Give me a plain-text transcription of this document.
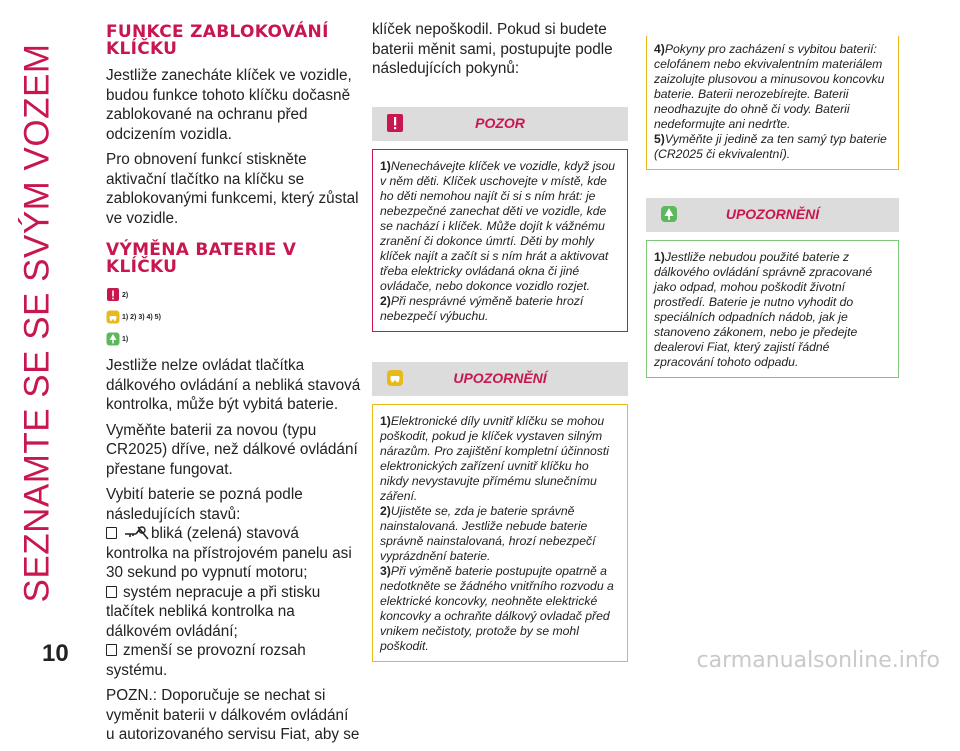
SEZNAMTE SE SE SVÝM VOZEM
FUNKCE ZABLOKOVÁNÍ KLÍČKU

Jestliže zanecháte klíček ve vozidle, budou funkce tohoto klíčku dočasně zablokované na ochranu před odcizením vozidla.

Pro obnovení funkcí stiskněte aktivační tlačítko na klíčku se zablokovanými funkcemi, který zůstal ve vozidle.

VÝMĚNA BATERIE V KLÍČKU
2)
1) 2) 3) 4) 5)
1)

Jestliže nelze ovládat tlačítka dálkového ovládání a nebliká stavová kontrolka, může být vybitá baterie.

Vyměňte baterii za novou (typu CR2025) dříve, než dálkové ovládání přestane fungovat.

Vybití baterie se pozná podle následujících stavů:

bliká (zelená) stavová kontrolka na přístrojovém panelu asi 30 sekund po vypnutí motoru;

systém nepracuje a při stisku tlačítek nebliká kontrolka na dálkovém ovládání;

zmenší se provozní rozsah systému.

POZN.: Doporučuje se nechat si vyměnit baterii v dálkovém ovládání u autorizovaného servisu Fiat, aby se

klíček nepoškodil. Pokud si budete baterii měnit sami, postupujte podle následujících pokynů:

POZOR

1)Nenechávejte klíček ve vozidle, když jsou v něm děti. Klíček uschovejte v místě, kde ho děti nemohou najít či si s ním hrát: je nebezpečné zanechat děti ve vozidle, kde se nachází i klíček. Může dojít k vážnému zranění či dokonce úmrtí. Děti by mohly klíček najít a začít si s ním hrát a aktivovat třeba elektricky ovládaná okna či jiné ovládače, nebo dokonce vozidlo rozjet.

2)Při nesprávné výměně baterie hrozí nebezpečí výbuchu.

UPOZORNĚNÍ

1)Elektronické díly uvnitř klíčku se mohou poškodit, pokud je klíček vystaven silným nárazům. Pro zajištění kompletní účinnosti elektronických zařízení uvnitř klíčku ho nikdy nevystavujte přímému slunečnímu záření.

2)Ujistěte se, zda je baterie správně nainstalovaná. Jestliže nebude baterie správně nainstalovaná, hrozí nebezpečí vyprázdnění baterie.

3)Při výměně baterie postupujte opatrně a nedotkněte se žádného vnitřního rozvodu a elektrické koncovky, neohněte elektrické koncovky a ochraňte dálkový ovladač před vnikem nečistoty, protože by se mohl poškodit.

4)Pokyny pro zacházení s vybitou baterií: celofánem nebo ekvivalentním materiálem zaizolujte plusovou a minusovou koncovku baterie. Baterii nerozebírejte. Baterii neodhazujte do ohně či vody. Baterii nedeformujte ani nedrťte.

5)Vyměňte ji jedině za ten samý typ baterie (CR2025 či ekvivalentní).

UPOZORNĚNÍ

1)Jestliže nebudou použité baterie z dálkového ovládání správně zpracované jako odpad, mohou poškodit životní prostředí. Baterie je nutno vyhodit do speciálních odpadních nádob, jak je stanoveno zákonem, nebo je předejte dealerovi Fiat, který zajistí řádné zpracování tohoto odpadu.

10	carmanualsonline.info
